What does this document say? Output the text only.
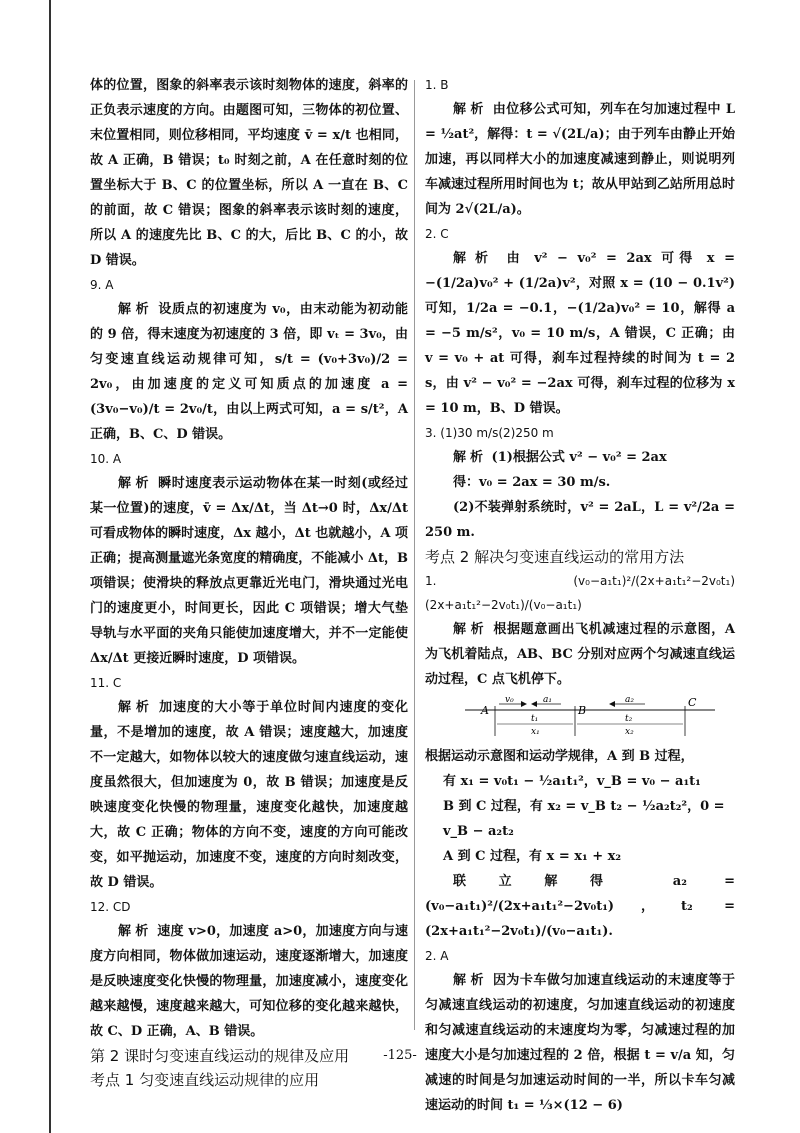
体的位置，图象的斜率表示该时刻物体的速度，斜率的正负表示速度的方向。由题图可知，三物体的初位置、末位置相同，则位移相同，平均速度 v̄ = x/t 也相同，故 A 正确，B 错误；t₀ 时刻之前，A 在任意时刻的位置坐标大于 B、C 的位置坐标，所以 A 一直在 B、C 的前面，故 C 错误；图象的斜率表示该时刻的速度，所以 A 的速度先比 B、C 的大，后比 B、C 的小，故 D 错误。

9. A

解析 设质点的初速度为 v₀，由末动能为初动能的 9 倍，得末速度为初速度的 3 倍，即 vₜ = 3v₀，由匀变速直线运动规律可知，s/t = (v₀+3v₀)/2 = 2v₀，由加速度的定义可知质点的加速度 a = (3v₀−v₀)/t = 2v₀/t，由以上两式可知，a = s/t²，A 正确，B、C、D 错误。

10. A

解析 瞬时速度表示运动物体在某一时刻(或经过某一位置)的速度，v̄ = Δx/Δt，当 Δt→0 时，Δx/Δt 可看成物体的瞬时速度，Δx 越小，Δt 也就越小，A 项正确；提高测量遮光条宽度的精确度，不能减小 Δt，B 项错误；使滑块的释放点更靠近光电门，滑块通过光电门的速度更小，时间更长，因此 C 项错误；增大气垫导轨与水平面的夹角只能使加速度增大，并不一定能使 Δx/Δt 更接近瞬时速度，D 项错误。

11. C

解析 加速度的大小等于单位时间内速度的变化量，不是增加的速度，故 A 错误；速度越大，加速度不一定越大，如物体以较大的速度做匀速直线运动，速度虽然很大，但加速度为 0，故 B 错误；加速度是反映速度变化快慢的物理量，速度变化越快，加速度越大，故 C 正确；物体的方向不变，速度的方向可能改变，如平抛运动，加速度不变，速度的方向时刻改变，故 D 错误。

12. CD

解析 速度 v>0，加速度 a>0，加速度方向与速度方向相同，物体做加速运动，速度逐渐增大，加速度是反映速度变化快慢的物理量，加速度减小，速度变化越来越慢，速度越来越大，可知位移的变化越来越快，故 C、D 正确，A、B 错误。

第 2 课时匀变速直线运动的规律及应用

考点 1 匀变速直线运动规律的应用

1. B

解析 由位移公式可知，列车在匀加速过程中 L = ½at²，解得：t = √(2L/a)；由于列车由静止开始加速，再以同样大小的加速度减速到静止，则说明列车减速过程所用时间也为 t；故从甲站到乙站所用总时间为 2√(2L/a)。

2. C

解析 由 v² − v₀² = 2ax 可得 x = −(1/2a)v₀² + (1/2a)v²，对照 x = (10 − 0.1v²) 可知，1/2a = −0.1，−(1/2a)v₀² = 10，解得 a = −5 m/s²，v₀ = 10 m/s，A 错误，C 正确；由 v = v₀ + at 可得，刹车过程持续的时间为 t = 2 s，由 v² − v₀² = −2ax 可得，刹车过程的位移为 x = 10 m，B、D 错误。

3. (1)30 m/s(2)250 m

解析 (1)根据公式 v² − v₀² = 2ax

得：v₀ = 2ax = 30 m/s.

(2)不装弹射系统时，v² = 2aL，L = v²/2a = 250 m.

考点 2 解决匀变速直线运动的常用方法

1. (v₀−a₁t₁)²/(2x+a₁t₁²−2v₀t₁) (2x+a₁t₁²−2v₀t₁)/(v₀−a₁t₁)

解析 根据题意画出飞机减速过程的示意图，A 为飞机着陆点，AB、BC 分别对应两个匀减速直线运动过程，C 点飞机停下。

A	B
C
v₀	a₁	a₂
t₁
x₁
t₂
x₂

根据运动示意图和运动学规律，A 到 B 过程，

有 x₁ = v₀t₁ − ½a₁t₁²，v_B = v₀ − a₁t₁

B 到 C 过程，有 x₂ = v_B t₂ − ½a₂t₂²，0 = v_B − a₂t₂

A 到 C 过程，有 x = x₁ + x₂

联立解得 a₂ = (v₀−a₁t₁)²/(2x+a₁t₁²−2v₀t₁)，t₂ = (2x+a₁t₁²−2v₀t₁)/(v₀−a₁t₁).

2. A

解析 因为卡车做匀加速直线运动的末速度等于匀减速直线运动的初速度，匀加速直线运动的初速度和匀减速直线运动的末速度均为零，匀减速过程的加速度大小是匀加速过程的 2 倍，根据 t = v/a 知，匀减速的时间是匀加速运动时间的一半，所以卡车匀减速运动的时间 t₁ = ⅓×(12 − 6)

-125-
